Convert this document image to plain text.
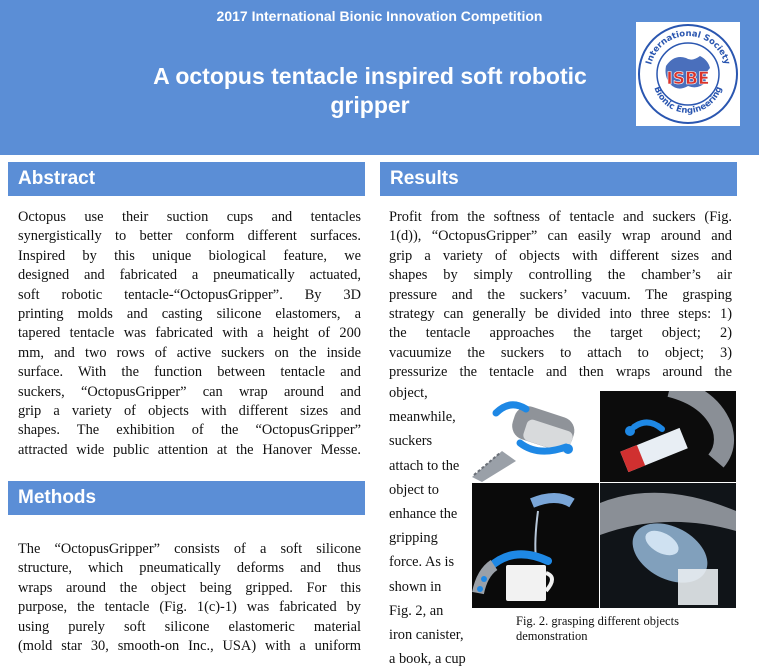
2017 International Bionic Innovation Competition
A octopus tentacle inspired soft robotic
gripper
International Society
Bionic Engineering
ISBE
Abstract
Octopus use their suction cups and tentacles
synergistically to better conform different surfaces.
Inspired by this unique biological feature, we
designed and fabricated a pneumatically actuated,
soft robotic tentacle-“OctopusGripper”. By 3D
printing molds and casting silicone elastomers, a
tapered tentacle was fabricated with a height of 200
mm, and two rows of active suckers on the inside
surface. With the function between tentacle and
suckers, “OctopusGripper” can wrap around and
grip a variety of objects with different sizes and
shapes. The exhibition of the “OctopusGripper”
attracted wide public attention at the Hanover Messe.
Methods
The “OctopusGripper” consists of a soft silicone
structure, which pneumatically deforms and thus
wraps around the object being gripped. For this
purpose, the tentacle (Fig. 1(c)-1) was fabricated by
using purely soft silicone elastomeric material
(mold star 30, smooth-on Inc., USA) with a uniform
Results
Profit from the softness of tentacle and suckers (Fig.
1(d)), “OctopusGripper” can easily wrap around and
grip a variety of objects with different sizes and
shapes by simply controlling the chamber’s air
pressure and the suckers’ vacuum. The grasping
strategy can generally be divided into three steps: 1)
the tentacle approaches the target object; 2)
vacuumize the suckers to attach to object; 3)
pressurize the tentacle and then wraps around the
object,
meanwhile,
suckers
attach to the
object to
enhance the
gripping
force. As is
shown in
Fig. 2, an
iron canister,
a book, a cup
Fig. 2. grasping different objects
demonstration
